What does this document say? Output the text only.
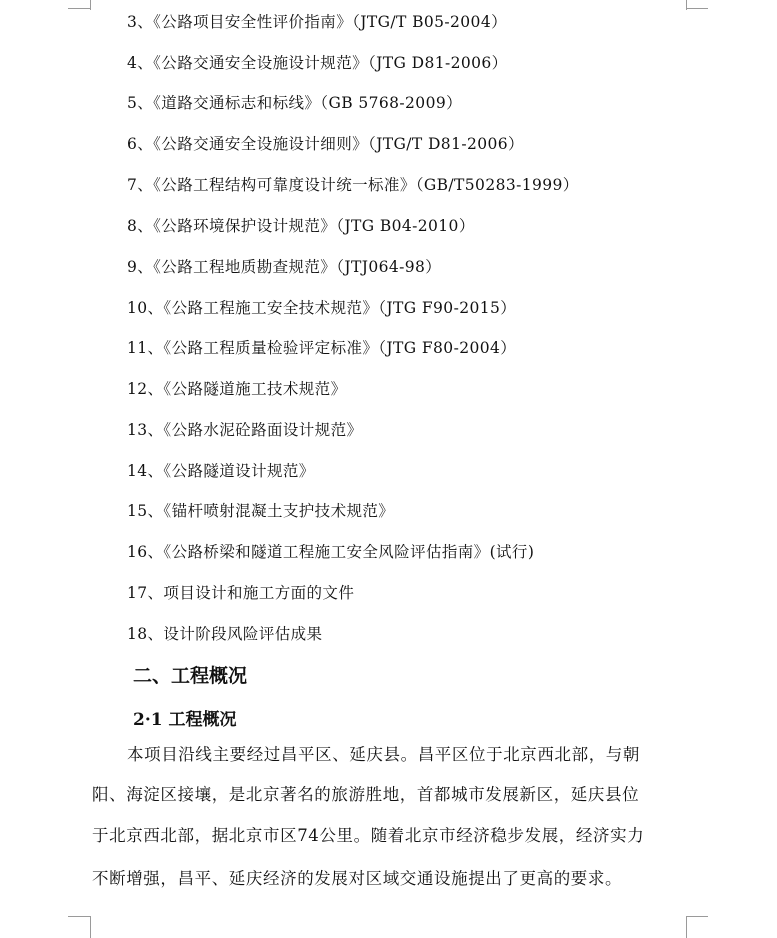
3、《公路项目安全性评价指南》（JTG/T B05-2004）
4、《公路交通安全设施设计规范》（JTG D81-2006）
5、《道路交通标志和标线》（GB 5768-2009）
6、《公路交通安全设施设计细则》（JTG/T D81-2006）
7、《公路工程结构可靠度设计统一标准》（GB/T50283-1999）
8、《公路环境保护设计规范》（JTG B04-2010）
9、《公路工程地质勘查规范》（JTJ064-98）
10、《公路工程施工安全技术规范》（JTG F90-2015）
11、《公路工程质量检验评定标准》（JTG F80-2004）
12、《公路隧道施工技术规范》
13、《公路水泥砼路面设计规范》
14、《公路隧道设计规范》
15、《锚杆喷射混凝土支护技术规范》
16、《公路桥梁和隧道工程施工安全风险评估指南》(试行)
17、项目设计和施工方面的文件
18、设计阶段风险评估成果
二、工程概况
2·1 工程概况
本项目沿线主要经过昌平区、延庆县。昌平区位于北京西北部，与朝
阳、海淀区接壤，是北京著名的旅游胜地，首都城市发展新区，延庆县位
于北京西北部，据北京市区74公里。随着北京市经济稳步发展，经济实力
不断增强，昌平、延庆经济的发展对区域交通设施提出了更高的要求。
